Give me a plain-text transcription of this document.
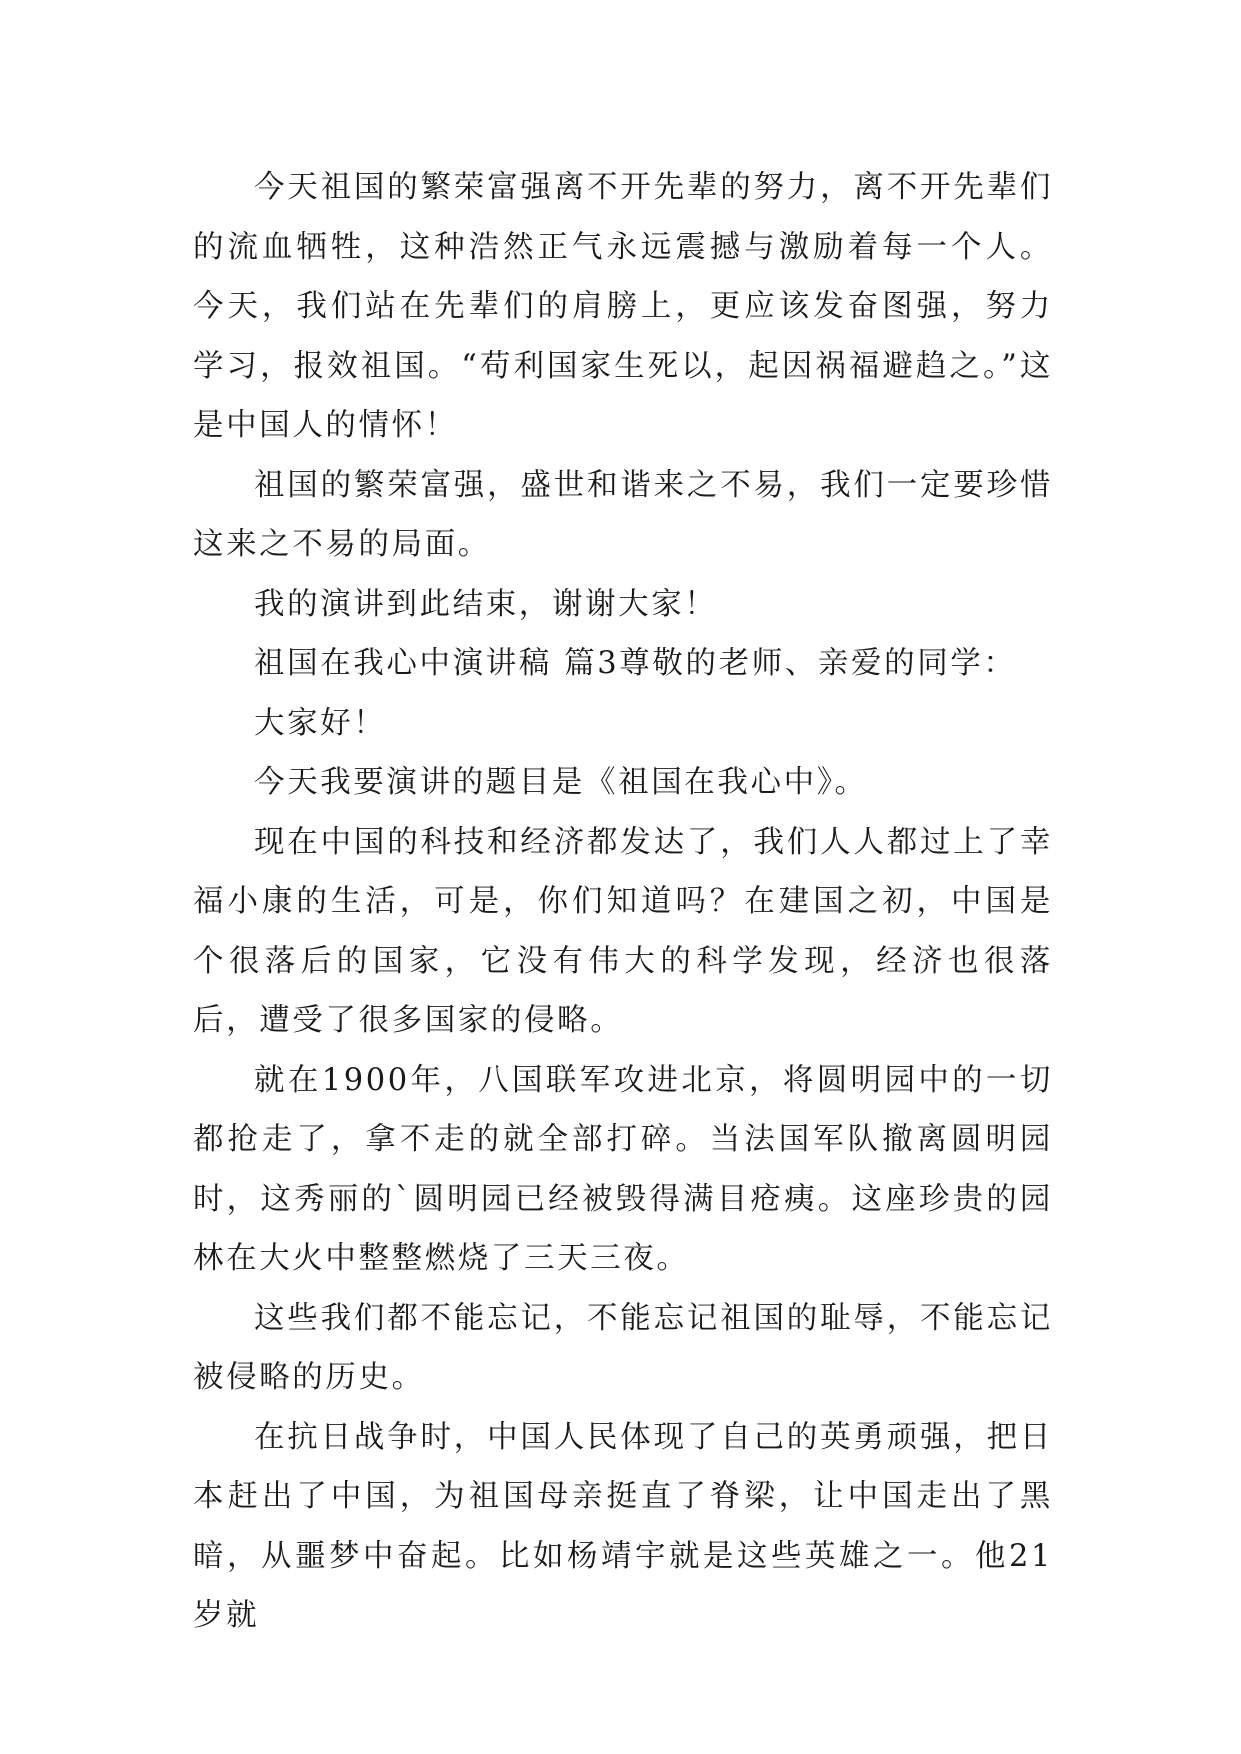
今天祖国的繁荣富强离不开先辈的努力，离不开先辈们的流血牺牲，这种浩然正气永远震撼与激励着每一个人。今天，我们站在先辈们的肩膀上，更应该发奋图强，努力学习，报效祖国。“苟利国家生死以，起因祸福避趋之。”这是中国人的情怀！

祖国的繁荣富强，盛世和谐来之不易，我们一定要珍惜这来之不易的局面。

我的演讲到此结束，谢谢大家！

祖国在我心中演讲稿 篇3尊敬的老师、亲爱的同学：

大家好！

今天我要演讲的题目是《祖国在我心中》。

现在中国的科技和经济都发达了，我们人人都过上了幸福小康的生活，可是，你们知道吗？在建国之初，中国是个很落后的国家，它没有伟大的科学发现，经济也很落后，遭受了很多国家的侵略。

就在1900年，八国联军攻进北京，将圆明园中的一切都抢走了，拿不走的就全部打碎。当法国军队撤离圆明园时，这秀丽的`圆明园已经被毁得满目疮痍。这座珍贵的园林在大火中整整燃烧了三天三夜。

这些我们都不能忘记，不能忘记祖国的耻辱，不能忘记被侵略的历史。

在抗日战争时，中国人民体现了自己的英勇顽强，把日本赶出了中国，为祖国母亲挺直了脊梁，让中国走出了黑暗，从噩梦中奋起。比如杨靖宇就是这些英雄之一。他21岁就
